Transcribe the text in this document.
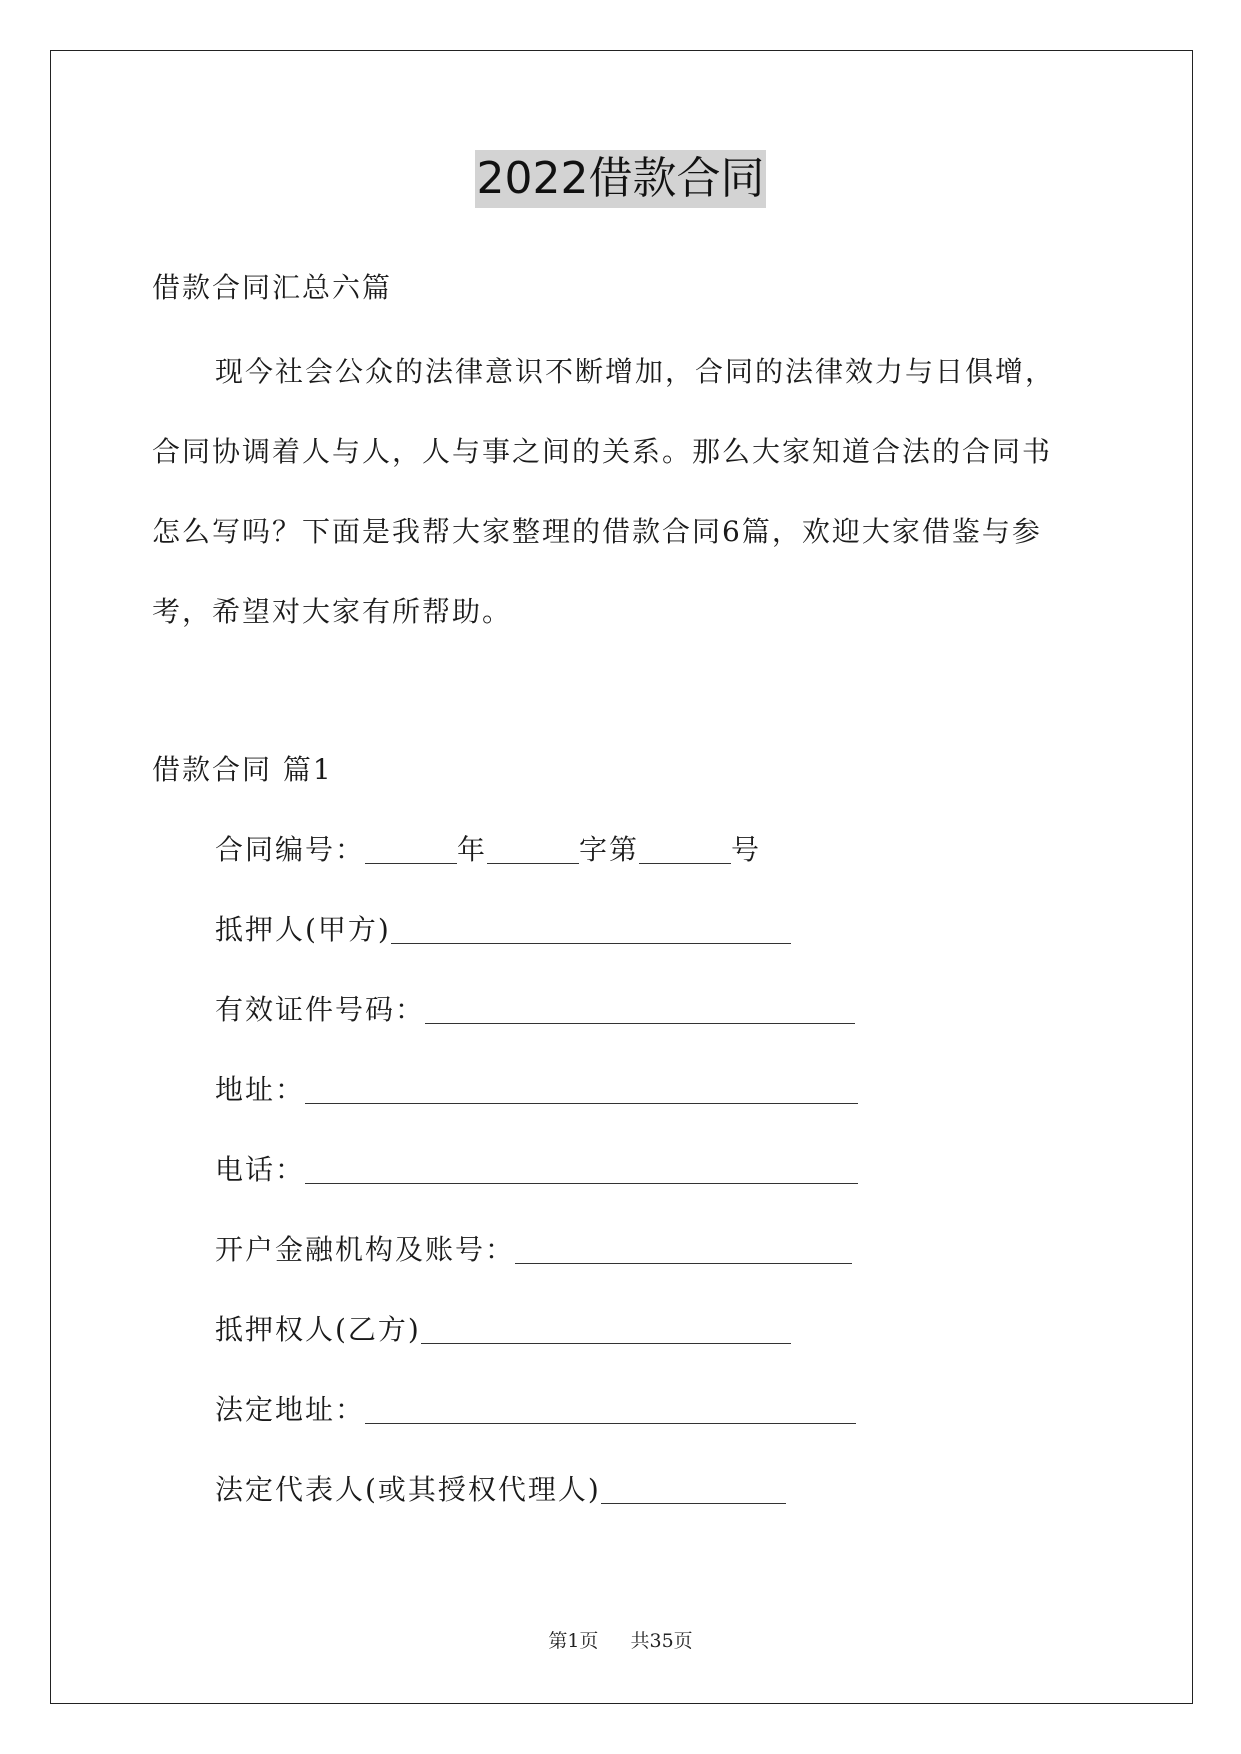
2022借款合同
借款合同汇总六篇
现今社会公众的法律意识不断增加，合同的法律效力与日俱增，
合同协调着人与人，人与事之间的关系。那么大家知道合法的合同书
怎么写吗？下面是我帮大家整理的借款合同6篇，欢迎大家借鉴与参
考，希望对大家有所帮助。
借款合同 篇1
合同编号：	年	字第	号
抵押人(甲方)
有效证件号码：
地址：
电话：
开户金融机构及账号：
抵押权人(乙方)
法定地址：
法定代表人(或其授权代理人)
第1页 共35页
